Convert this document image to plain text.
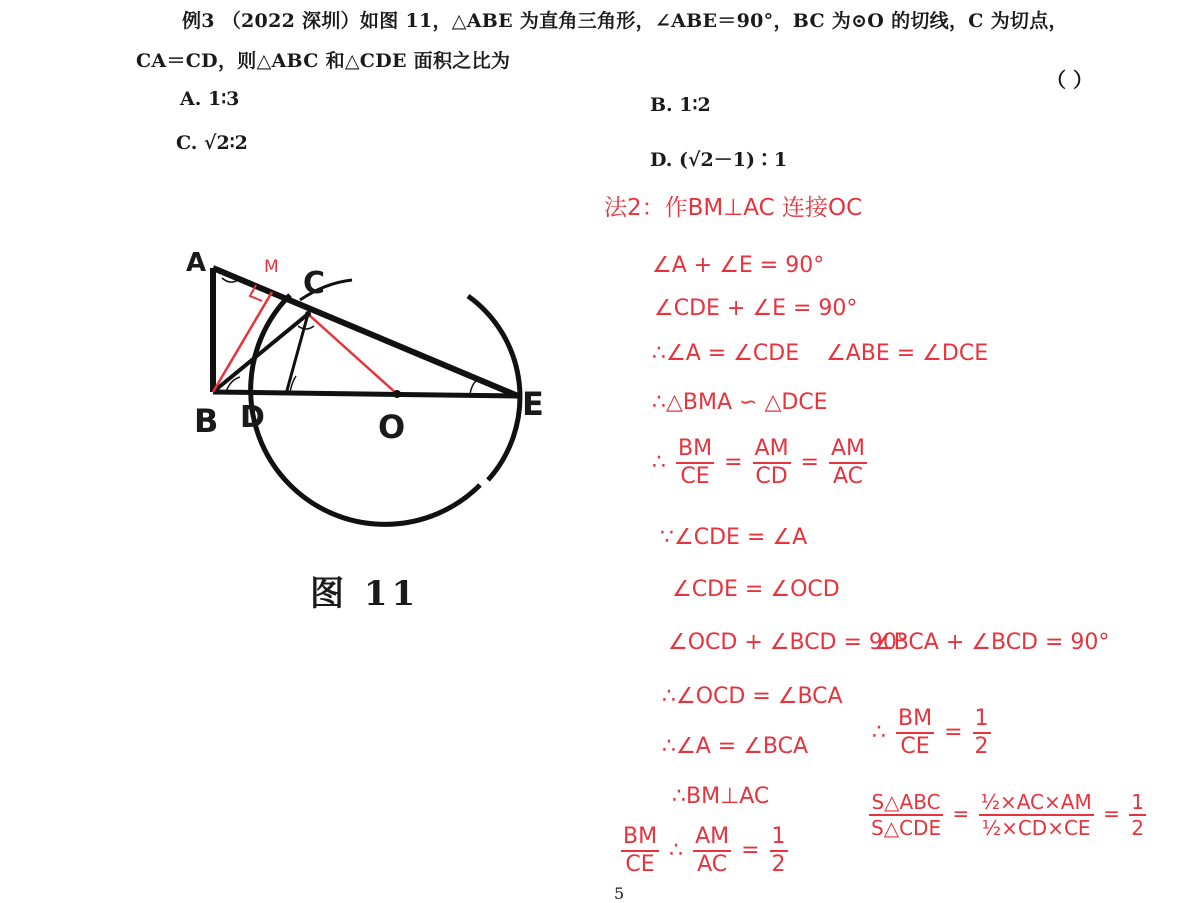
例3 （2022 深圳）如图 11，△ABE 为直角三角形，∠ABE＝90°，BC 为⊙O 的切线，C 为切点，
CA＝CD，则△ABC 和△CDE 面积之比为
（ ）
A. 1∶3	B. 1∶2
C. √2∶2
D. (√2－1)∶1
A
B
C
D	E
O
M
图 11
法2：作BM⊥AC 连接OC
∠A + ∠E = 90°
∠CDE + ∠E = 90°
∴∠A = ∠CDE ∠ABE = ∠DCE
∴△BMA ∽ △DCE
∴ $\frac{BM}{CE} = \frac{AM}{CD} = \frac{AM}{AC}$
∵∠CDE = ∠A
∠CDE = ∠OCD
∠OCD + ∠BCD = 90°
∠BCA + ∠BCD = 90°
∴∠OCD = ∠BCA
∴∠A = ∠BCA
∴BM⊥AC
$\frac{BM}{CE}$ ∴ $\frac{AM}{AC} = \frac{1}{2}$
∴ $\frac{BM}{CE} = \frac{1}{2}$
$\frac{\text{S△ABC}}{\text{S△CDE}} = \frac{\text{½×AC×AM}}{\text{½×CD×CE}} = \frac{1}{2}$
5
